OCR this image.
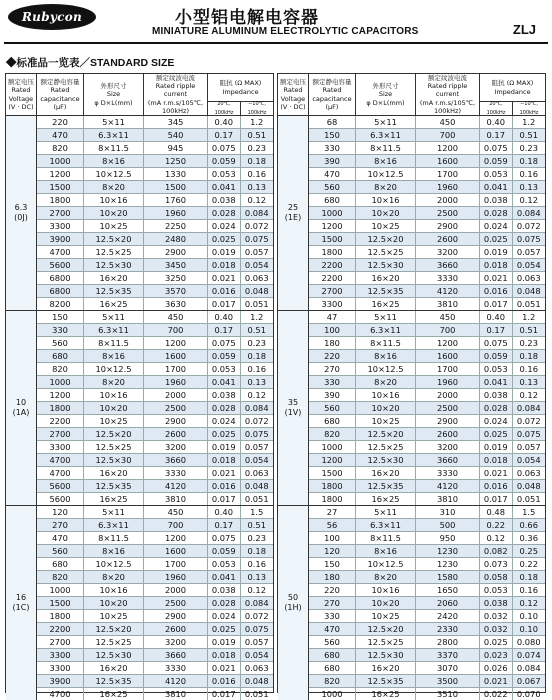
Rubycon	小型铝电解电容器
MINIATURE ALUMINUM ELECTROLYTIC CAPACITORS	ZLJ
◆标准品一览表／STANDARD SIZE
额定电压
Rated
Voltage
(V · DC)
额定静电容量
Rated
capacitance (μF)
外形尺寸
Size
φ D×L(mm)
额定纹波电流
Rated ripple current
(mA r.m.s/105℃, 100kHz)
阻抗 (Ω MAX)
Impedance
20℃, 100kHz
−10℃, 100kHz
6.3
(0J)
220	5×11	345	0.40	1.2
470	6.3×11	540	0.17	0.51
820	8×11.5	945	0.075	0.23
1000	8×16	1250	0.059	0.18
1200	10×12.5	1330	0.053	0.16
1500	8×20	1500	0.041	0.13
1800	10×16	1760	0.038	0.12
2700	10×20	1960	0.028	0.084
3300	10×25	2250	0.024	0.072
3900	12.5×20	2480	0.025	0.075
4700	12.5×25	2900	0.019	0.057
5600	12.5×30	3450	0.018	0.054
6800	16×20	3250	0.021	0.063
6800	12.5×35	3570	0.016	0.048
8200	16×25	3630	0.017	0.051
10
(1A)
150	5×11	450	0.40	1.2
330	6.3×11	700	0.17	0.51
560	8×11.5	1200	0.075	0.23
680	8×16	1600	0.059	0.18
820	10×12.5	1700	0.053	0.16
1000	8×20	1960	0.041	0.13
1200	10×16	2000	0.038	0.12
1800	10×20	2500	0.028	0.084
2200	10×25	2900	0.024	0.072
2700	12.5×20	2600	0.025	0.075
3300	12.5×25	3200	0.019	0.057
4700	12.5×30	3660	0.018	0.054
4700	16×20	3330	0.021	0.063
5600	12.5×35	4120	0.016	0.048
5600	16×25	3810	0.017	0.051
16
(1C)
120	5×11	450	0.40	1.5
270	6.3×11	700	0.17	0.51
470	8×11.5	1200	0.075	0.23
560	8×16	1600	0.059	0.18
680	10×12.5	1700	0.053	0.16
820	8×20	1960	0.041	0.13
1000	10×16	2000	0.038	0.12
1500	10×20	2500	0.028	0.084
1800	10×25	2900	0.024	0.072
2200	12.5×20	2600	0.025	0.075
2700	12.5×25	3200	0.019	0.057
3300	12.5×30	3660	0.018	0.054
3300	16×20	3330	0.021	0.063
3900	12.5×35	4120	0.016	0.048
4700	16×25	3810	0.017	0.051
额定电压
Rated
Voltage
(V · DC)
额定静电容量
Rated
capacitance (μF)
外形尺寸
Size
φ D×L(mm)
额定纹波电流
Rated ripple current
(mA r.m.s/105℃, 100kHz)
阻抗 (Ω MAX)
Impedance
20℃, 100kHz
−10℃, 100kHz
25
(1E)
68	5×11	450	0.40	1.2
150	6.3×11	700	0.17	0.51
330	8×11.5	1200	0.075	0.23
390	8×16	1600	0.059	0.18
470	10×12.5	1700	0.053	0.16
560	8×20	1960	0.041	0.13
680	10×16	2000	0.038	0.12
1000	10×20	2500	0.028	0.084
1200	10×25	2900	0.024	0.072
1500	12.5×20	2600	0.025	0.075
1800	12.5×25	3200	0.019	0.057
2200	12.5×30	3660	0.018	0.054
2200	16×20	3330	0.021	0.063
2700	12.5×35	4120	0.016	0.048
3300	16×25	3810	0.017	0.051
35
(1V)
47	5×11	450	0.40	1.2
100	6.3×11	700	0.17	0.51
180	8×11.5	1200	0.075	0.23
220	8×16	1600	0.059	0.18
270	10×12.5	1700	0.053	0.16
330	8×20	1960	0.041	0.13
390	10×16	2000	0.038	0.12
560	10×20	2500	0.028	0.084
680	10×25	2900	0.024	0.072
820	12.5×20	2600	0.025	0.075
1000	12.5×25	3200	0.019	0.057
1200	12.5×30	3660	0.018	0.054
1500	16×20	3330	0.021	0.063
1800	12.5×35	4120	0.016	0.048
1800	16×25	3810	0.017	0.051
50
(1H)
27	5×11	310	0.48	1.5
56	6.3×11	500	0.22	0.66
100	8×11.5	950	0.12	0.36
120	8×16	1230	0.082	0.25
150	10×12.5	1230	0.073	0.22
180	8×20	1580	0.058	0.18
220	10×16	1650	0.053	0.16
270	10×20	2060	0.038	0.12
330	10×25	2420	0.032	0.10
470	12.5×20	2330	0.032	0.10
560	12.5×25	2800	0.025	0.080
680	12.5×30	3370	0.023	0.074
680	16×20	3070	0.026	0.084
820	12.5×35	3500	0.021	0.067
1000	16×25	3510	0.022	0.070
